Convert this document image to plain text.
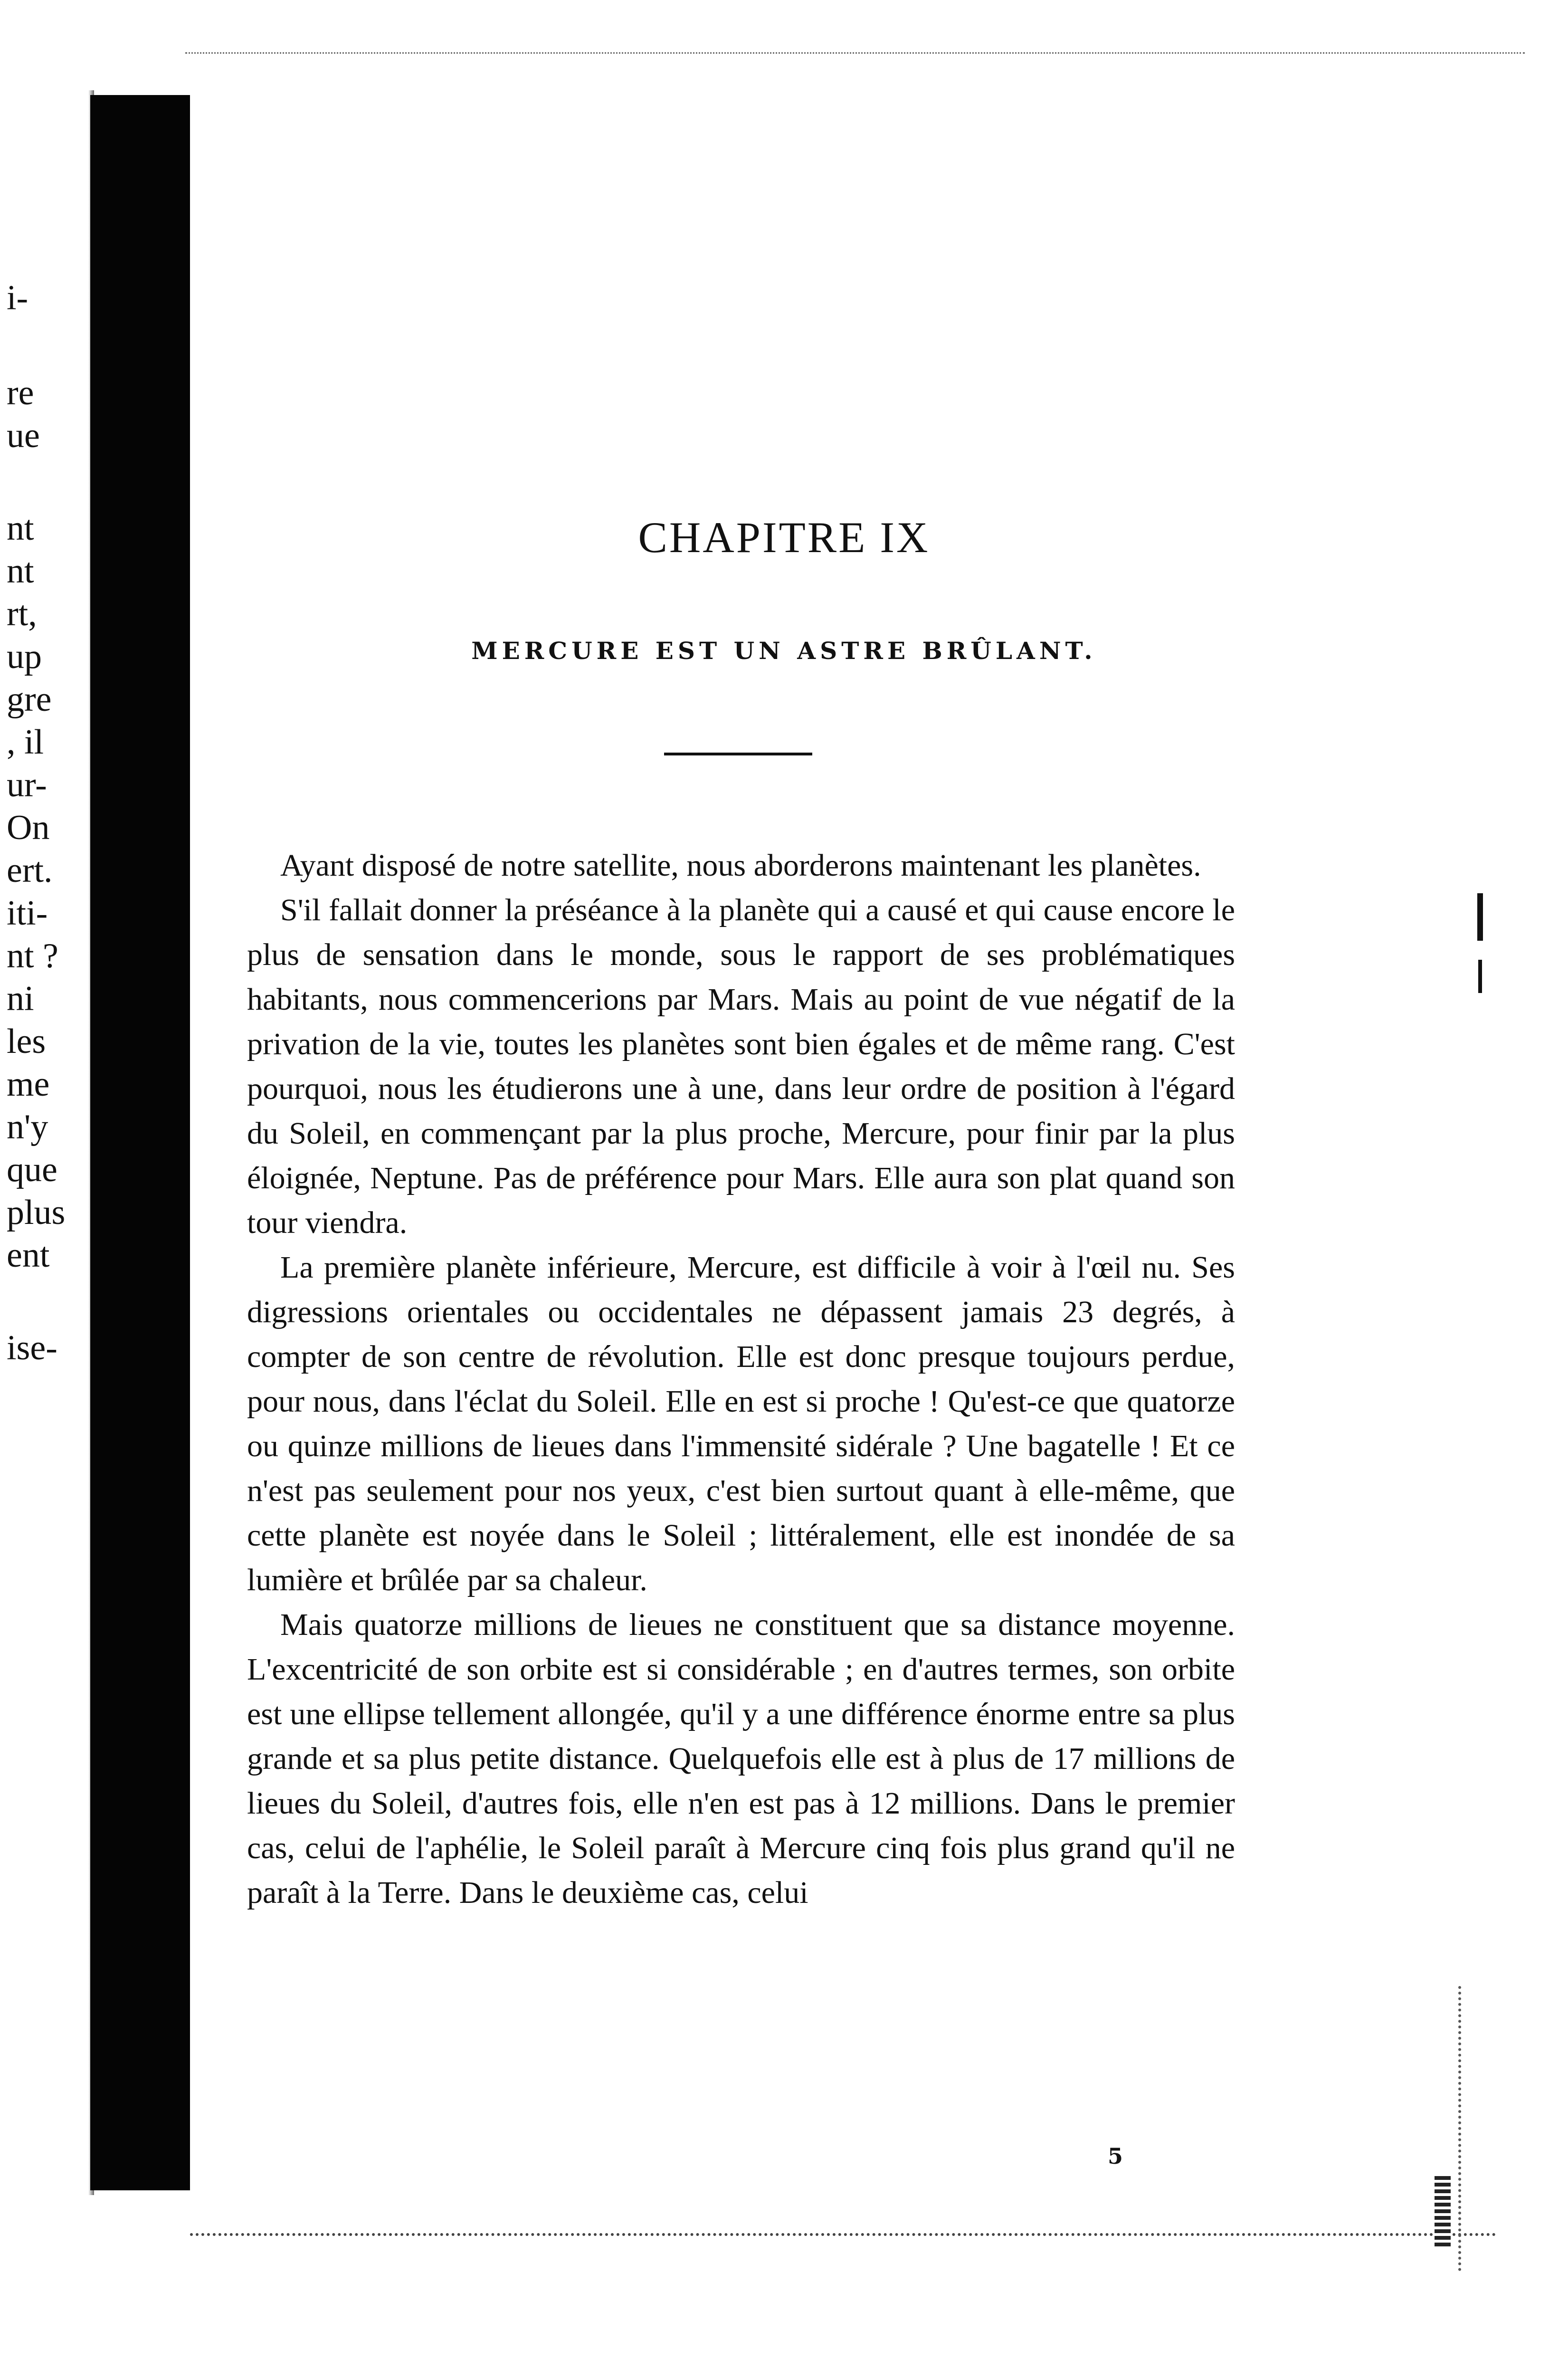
i-
re
ue
nt
nt
rt,
up
gre
, il
ur-
On
ert.
iti-
nt ?
ni
les
me
n'y
que
plus
ent
ise-
CHAPITRE IX
MERCURE EST UN ASTRE BRÛLANT.

Ayant disposé de notre satellite, nous aborderons maintenant les planètes.

S'il fallait donner la préséance à la planète qui a causé et qui cause encore le plus de sensation dans le monde, sous le rapport de ses problématiques habitants, nous commencerions par Mars. Mais au point de vue négatif de la privation de la vie, toutes les planètes sont bien égales et de même rang. C'est pourquoi, nous les étudierons une à une, dans leur ordre de position à l'égard du Soleil, en commençant par la plus proche, Mercure, pour finir par la plus éloignée, Neptune. Pas de préférence pour Mars. Elle aura son plat quand son tour viendra.

La première planète inférieure, Mercure, est difficile à voir à l'œil nu. Ses digressions orientales ou occidentales ne dépassent jamais 23 degrés, à compter de son centre de révolution. Elle est donc presque toujours perdue, pour nous, dans l'éclat du Soleil. Elle en est si proche ! Qu'est-ce que quatorze ou quinze millions de lieues dans l'immensité sidérale ? Une bagatelle ! Et ce n'est pas seulement pour nos yeux, c'est bien surtout quant à elle-même, que cette planète est noyée dans le Soleil ; littéralement, elle est inondée de sa lumière et brûlée par sa chaleur.

Mais quatorze millions de lieues ne constituent que sa distance moyenne. L'excentricité de son orbite est si considérable ; en d'autres termes, son orbite est une ellipse tellement allongée, qu'il y a une différence énorme entre sa plus grande et sa plus petite distance. Quelquefois elle est à plus de 17 millions de lieues du Soleil, d'autres fois, elle n'en est pas à 12 millions. Dans le premier cas, celui de l'aphélie, le Soleil paraît à Mercure cinq fois plus grand qu'il ne paraît à la Terre. Dans le deuxième cas, celui

5
